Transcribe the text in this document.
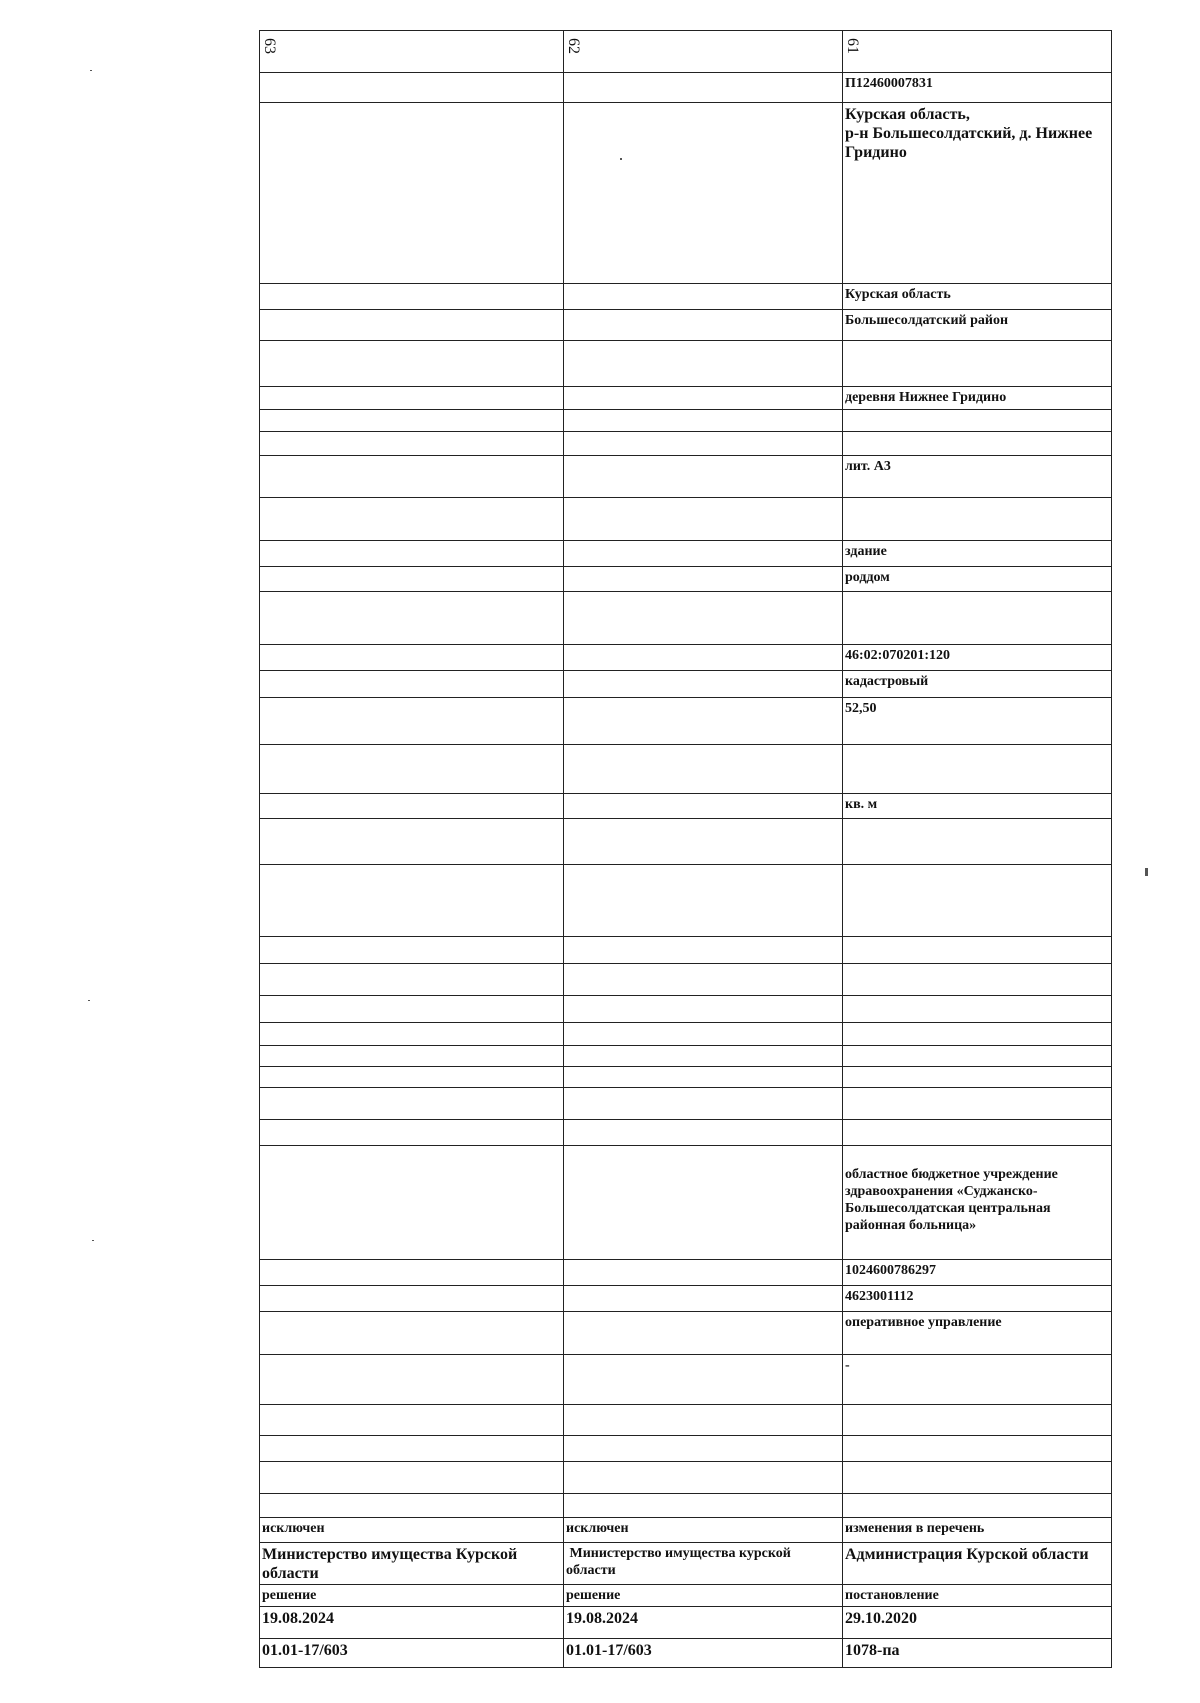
63	62	61
		П12460007831
		Курская область,
р-н Большесолдатский, д. Нижнее Гридино
		Курская область
		Большесолдатский район

		деревня Нижнее Гридино

		лит. А3

		здание
		роддом

		46:02:070201:120
		кадастровый
		52,50

		кв. м

		областное бюджетное учреждение здравоохранения «Суджанско-Большесолдатская центральная районная больница»

		1024600786297
		4623001112
		оперативное управление
		-

исключен	исключен	изменения в перечень
Министерство имущества Курской области	Министерство имущества курской области	Администрация Курской области
решение	решение	постановление
19.08.2024	19.08.2024	29.10.2020
01.01-17/603	01.01-17/603	1078-па
